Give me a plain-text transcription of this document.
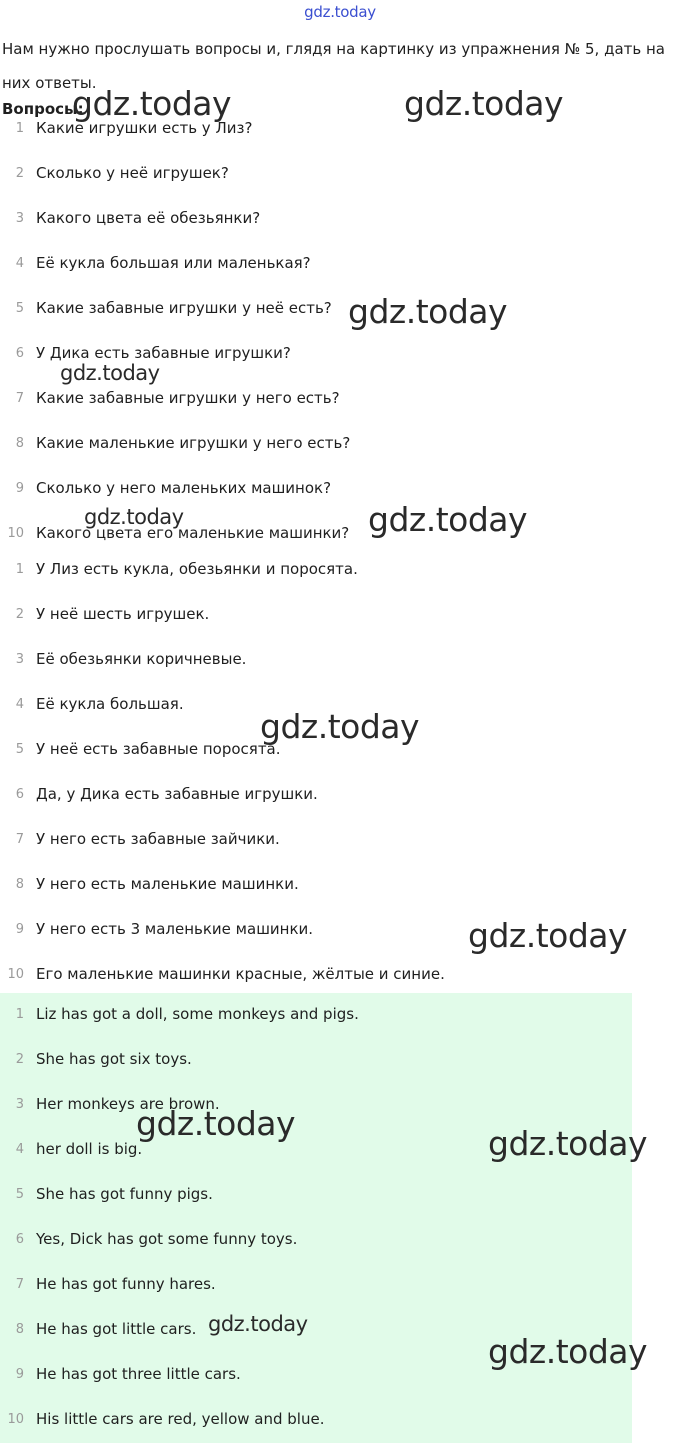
gdz.today
Нам нужно прослушать вопросы и, глядя на картинку из упражнения № 5, дать на них ответы.
Вопросы:
1 Какие игрушки есть у Лиз?
2 Сколько у неё игрушек?
3 Какого цвета её обезьянки?
4 Её кукла большая или маленькая?
5 Какие забавные игрушки у неё есть?
6 У Дика есть забавные игрушки?
7 Какие забавные игрушки у него есть?
8 Какие маленькие игрушки у него есть?
9 Сколько у него маленьких машинок?
10 Какого цвета его маленькие машинки?
1 У Лиз есть кукла, обезьянки и поросята.
2 У неё шесть игрушек.
3 Её обезьянки коричневые.
4 Её кукла большая.
5 У неё есть забавные поросята.
6 Да, у Дика есть забавные игрушки.
7 У него есть забавные зайчики.
8 У него есть маленькие машинки.
9 У него есть 3 маленькие машинки.
10 Его маленькие машинки красные, жёлтые и синие.
1 Liz has got a doll, some monkeys and pigs.
2 She has got six toys.
3 Her monkeys are brown.
4 her doll is big.
5 She has got funny pigs.
6 Yes, Dick has got some funny toys.
7 He has got funny hares.
8 He has got little cars.
9 He has got three little cars.
10 His little cars are red, yellow and blue.
gdz.today	gdz.today
gdz.today
gdz.today
gdz.today	gdz.today
gdz.today
gdz.today
gdz.today
gdz.today
gdz.today
gdz.today
